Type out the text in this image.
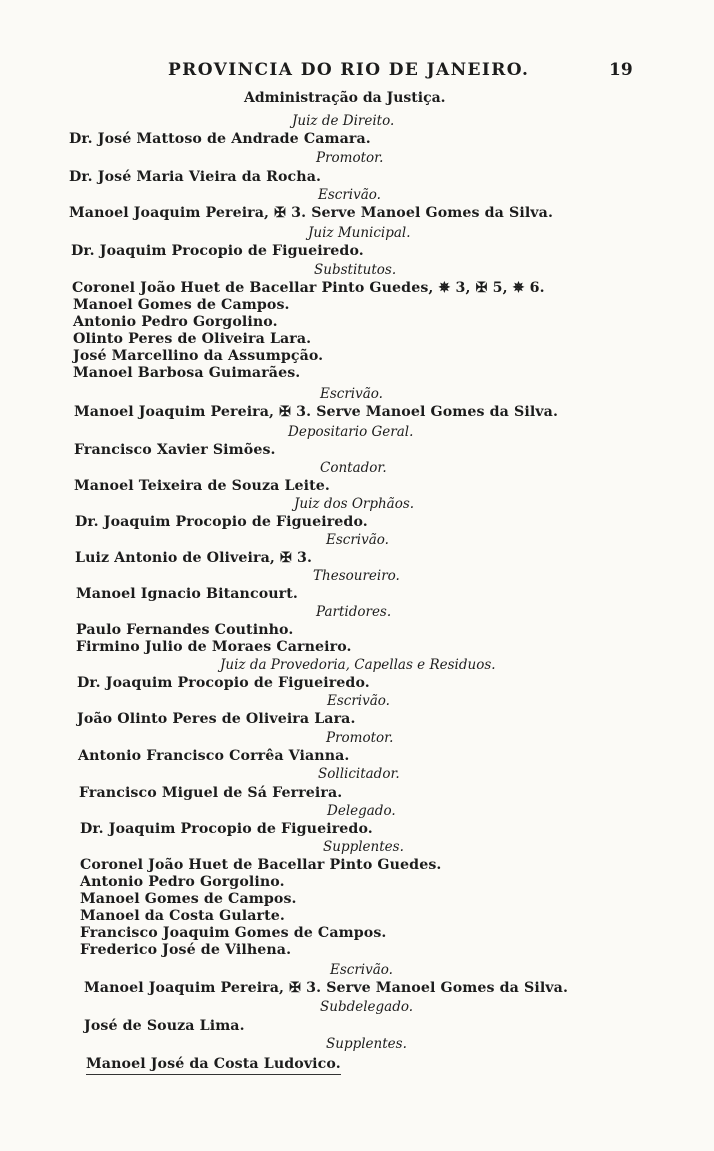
PROVINCIA DO RIO DE JANEIRO.	19
Administração da Justiça.
Juiz de Direito.
Dr. José Mattoso de Andrade Camara.
Promotor.
Dr. José Maria Vieira da Rocha.
Escrivão.
Manoel Joaquim Pereira, ✠ 3. Serve Manoel Gomes da Silva.
Juiz Municipal.
Dr. Joaquim Procopio de Figueiredo.
Substitutos.
Coronel João Huet de Bacellar Pinto Guedes, ✵ 3, ✠ 5, ✵ 6.
Manoel Gomes de Campos.
Antonio Pedro Gorgolino.
Olinto Peres de Oliveira Lara.
José Marcellino da Assumpção.
Manoel Barbosa Guimarães.
Escrivão.
Manoel Joaquim Pereira, ✠ 3. Serve Manoel Gomes da Silva.
Depositario Geral.
Francisco Xavier Simões.
Contador.
Manoel Teixeira de Souza Leite.
Juiz dos Orphãos.
Dr. Joaquim Procopio de Figueiredo.
Escrivão.
Luiz Antonio de Oliveira, ✠ 3.
Thesoureiro.
Manoel Ignacio Bitancourt.
Partidores.
Paulo Fernandes Coutinho.
Firmino Julio de Moraes Carneiro.
Juiz da Provedoria, Capellas e Residuos.
Dr. Joaquim Procopio de Figueiredo.
Escrivão.
João Olinto Peres de Oliveira Lara.
Promotor.
Antonio Francisco Corrêa Vianna.
Sollicitador.
Francisco Miguel de Sá Ferreira.
Delegado.
Dr. Joaquim Procopio de Figueiredo.
Supplentes.
Coronel João Huet de Bacellar Pinto Guedes.
Antonio Pedro Gorgolino.
Manoel Gomes de Campos.
Manoel da Costa Gularte.
Francisco Joaquim Gomes de Campos.
Frederico José de Vilhena.
Escrivão.
Manoel Joaquim Pereira, ✠ 3. Serve Manoel Gomes da Silva.
Subdelegado.
José de Souza Lima.
Supplentes.
Manoel José da Costa Ludovico.
